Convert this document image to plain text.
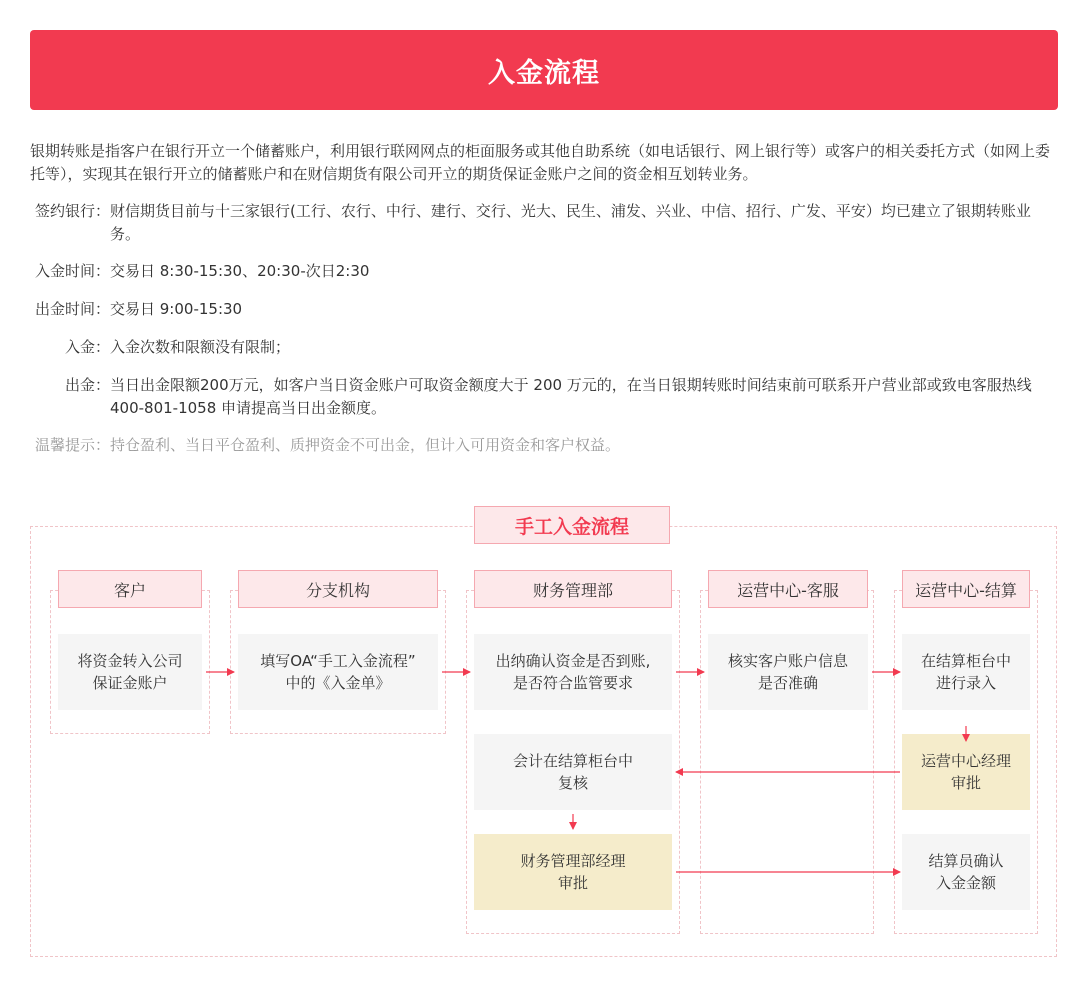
入金流程

银期转账是指客户在银行开立一个储蓄账户，利用银行联网网点的柜面服务或其他自助系统（如电话银行、网上银行等）或客户的相关委托方式（如网上委托等），实现其在银行开立的储蓄账户和在财信期货有限公司开立的期货保证金账户之间的资金相互划转业务。

签约银行： 财信期货目前与十三家银行(工行、农行、中行、建行、交行、光大、民生、浦发、兴业、中信、招行、广发、平安）均已建立了银期转账业务。
入金时间： 交易日 8:30-15:30、20:30-次日2:30
出金时间： 交易日 9:00-15:30
入金： 入金次数和限额没有限制；
出金： 当日出金限额200万元，如客户当日资金账户可取资金额度大于 200 万元的，在当日银期转账时间结束前可联系开户营业部或致电客服热线 400-801-1058 申请提高当日出金额度。
温馨提示： 持仓盈利、当日平仓盈利、质押资金不可出金，但计入可用资金和客户权益。
手工入金流程
客户	分支机构	财务管理部	运营中心-客服	运营中心-结算
将资金转入公司
保证金账户
填写OA“手工入金流程”
中的《入金单》
出纳确认资金是否到账,
是否符合监管要求
核实客户账户信息
是否准确
在结算柜台中
进行录入
运营中心经理
审批
会计在结算柜台中
复核
财务管理部经理
审批
结算员确认
入金金额
